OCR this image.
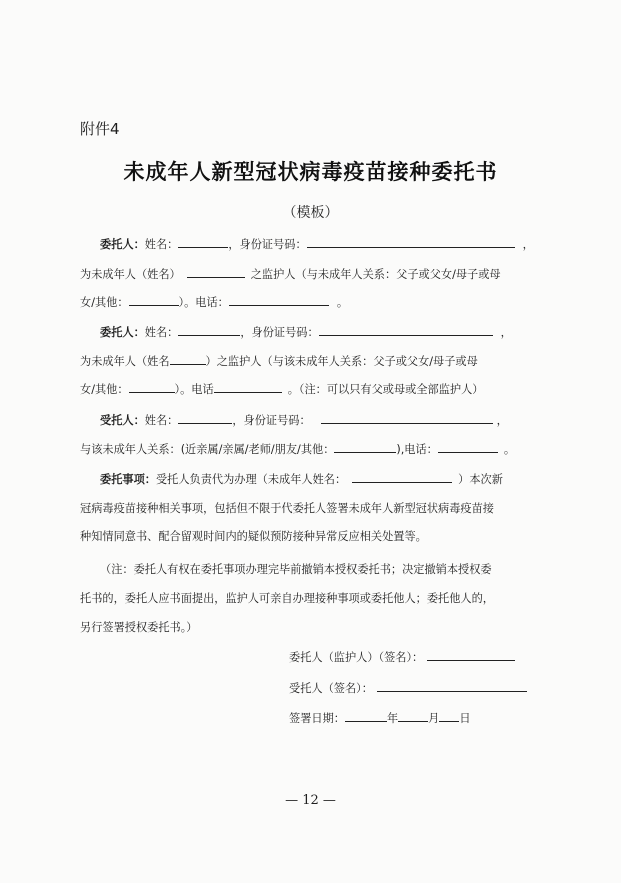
附件4
未成年人新型冠状病毒疫苗接种委托书
（模板）
委托人：姓名：	，身份证号码：	，
为未成年人（姓名）	之监护人（与未成年人关系：父子或父女/母子或母
女/其他：	）。电话：	。
委托人：姓名：	，身份证号码：	，
为未成年人（姓名	）之监护人（与该未成年人关系：父子或父女/母子或母
女/其他：	）。电话	。（注：可以只有父或母或全部监护人）
受托人：姓名：	，身份证号码：	，
与该未成年人关系：(近亲属/亲属/老师/朋友/其他：	),电话：	。
委托事项：受托人负责代为办理（未成年人姓名：	）本次新
冠病毒疫苗接种相关事项，包括但不限于代委托人签署未成年人新型冠状病毒疫苗接
种知情同意书、配合留观时间内的疑似预防接种异常反应相关处置等。
（注：委托人有权在委托事项办理完毕前撤销本授权委托书；决定撤销本授权委
托书的，委托人应书面提出，监护人可亲自办理接种事项或委托他人；委托他人的，
另行签署授权委托书。）
委托人（监护人）（签名）：
受托人（签名）：
签署日期：	年	月 日
— 12 —
